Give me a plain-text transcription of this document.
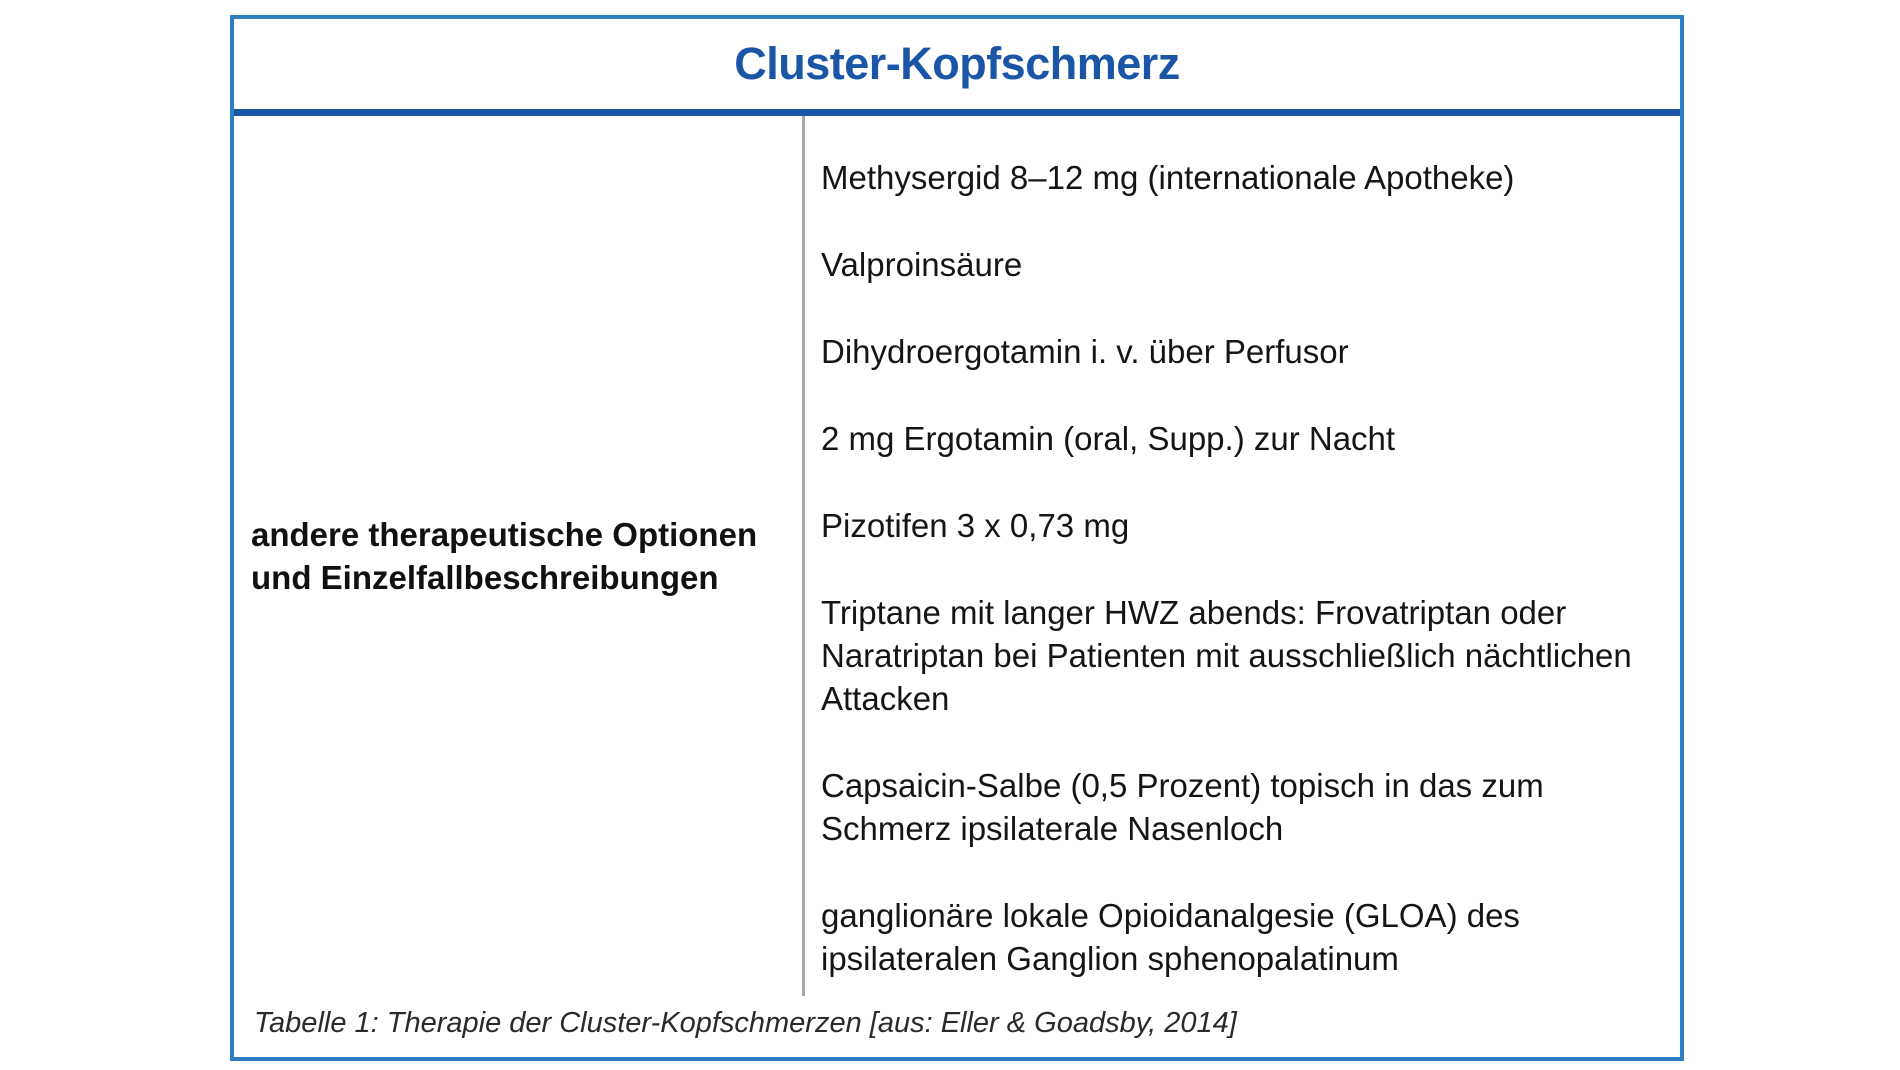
Cluster-Kopfschmerz
andere therapeutische Optionen
und Einzelfallbeschreibungen

Methysergid 8–12 mg (internationale Apotheke)

Valproinsäure

Dihydroergotamin i. v. über Perfusor

2 mg Ergotamin (oral, Supp.) zur Nacht

Pizotifen 3 x 0,73 mg

Triptane mit langer HWZ abends: Frovatriptan oder Naratriptan bei Patienten mit ausschließlich nächtlichen Attacken

Capsaicin-Salbe (0,5 Prozent) topisch in das zum Schmerz ipsilaterale Nasenloch

ganglionäre lokale Opioidanalgesie (GLOA) des ipsilateralen Ganglion sphenopalatinum

Tabelle 1: Therapie der Cluster-Kopfschmerzen [aus: Eller & Goadsby, 2014]
